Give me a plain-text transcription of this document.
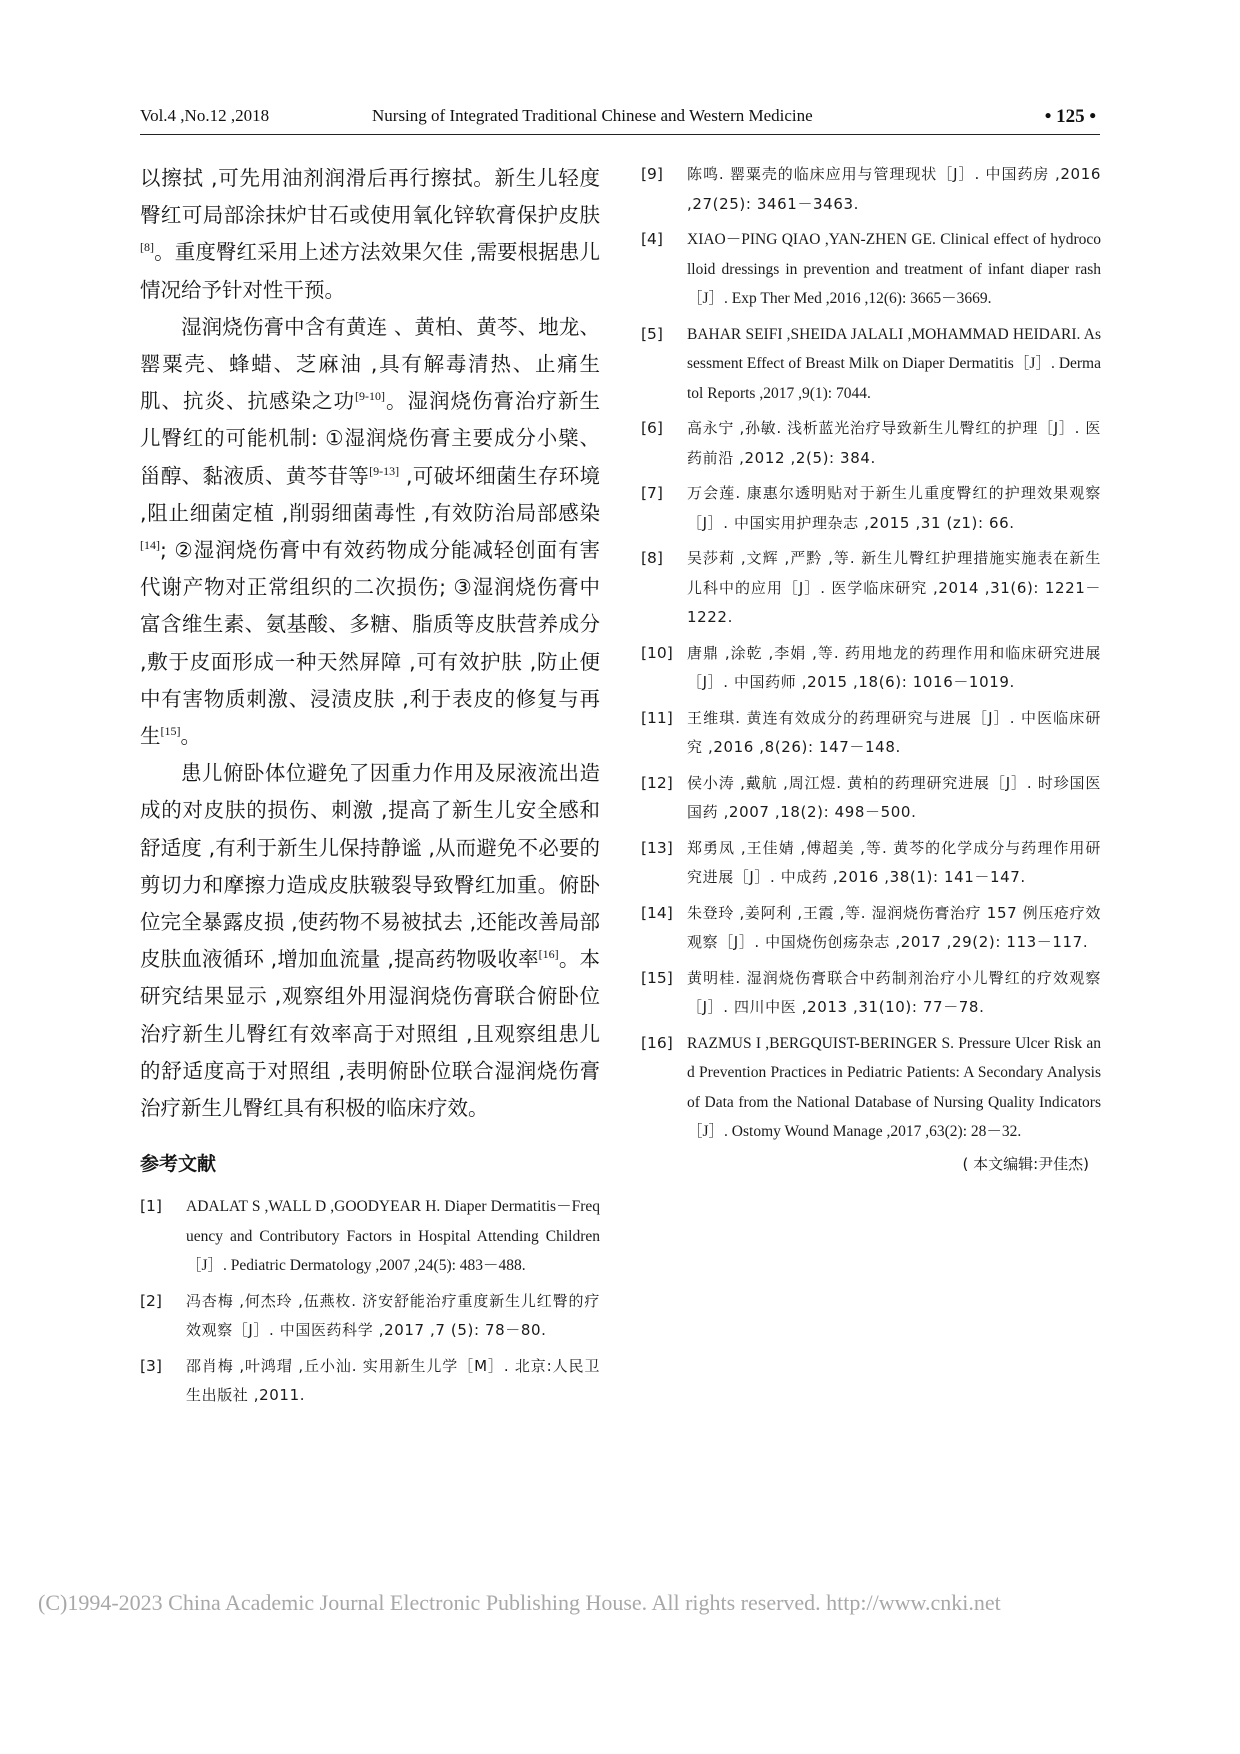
Vol.4 ,No.12 ,2018	Nursing of Integrated Traditional Chinese and Western Medicine	• 125 •

以擦拭 ,可先用油剂润滑后再行擦拭。新生儿轻度臀红可局部涂抹炉甘石或使用氧化锌软膏保护皮肤[8]。重度臀红采用上述方法效果欠佳 ,需要根据患儿情况给予针对性干预。

湿润烧伤膏中含有黄连 、黄柏、黄芩、地龙、罂粟壳、蜂蜡、芝麻油 ,具有解毒清热、止痛生肌、抗炎、抗感染之功[9-10]。湿润烧伤膏治疗新生儿臀红的可能机制: ①湿润烧伤膏主要成分小檗、甾醇、黏液质、黄芩苷等[9-13] ,可破坏细菌生存环境 ,阻止细菌定植 ,削弱细菌毒性 ,有效防治局部感染[14]; ②湿润烧伤膏中有效药物成分能减轻创面有害代谢产物对正常组织的二次损伤; ③湿润烧伤膏中富含维生素、氨基酸、多糖、脂质等皮肤营养成分 ,敷于皮面形成一种天然屏障 ,可有效护肤 ,防止便中有害物质刺激、浸渍皮肤 ,利于表皮的修复与再生[15]。

患儿俯卧体位避免了因重力作用及尿液流出造成的对皮肤的损伤、刺激 ,提高了新生儿安全感和舒适度 ,有利于新生儿保持静谧 ,从而避免不必要的剪切力和摩擦力造成皮肤皲裂导致臀红加重。俯卧位完全暴露皮损 ,使药物不易被拭去 ,还能改善局部皮肤血液循环 ,增加血流量 ,提高药物吸收率[16]。本研究结果显示 ,观察组外用湿润烧伤膏联合俯卧位治疗新生儿臀红有效率高于对照组 ,且观察组患儿的舒适度高于对照组 ,表明俯卧位联合湿润烧伤膏治疗新生儿臀红具有积极的临床疗效。

参考文献
[1]	ADALAT S ,WALL D ,GOODYEAR H. Diaper Dermatitis－Frequency and Contributory Factors in Hospital Attending Children［J］. Pediatric Dermatology ,2007 ,24(5): 483－488.
[2]	冯杏梅 ,何杰玲 ,伍燕枚. 济安舒能治疗重度新生儿红臀的疗效观察［J］. 中国医药科学 ,2017 ,7 (5): 78－80.
[3]	邵肖梅 ,叶鸿瑁 ,丘小汕. 实用新生儿学［M］. 北京:人民卫生出版社 ,2011.
[9]	陈鸣. 罂粟壳的临床应用与管理现状［J］. 中国药房 ,2016 ,27(25): 3461－3463.
[4]	XIAO－PING QIAO ,YAN-ZHEN GE. Clinical effect of hydrocolloid dressings in prevention and treatment of infant diaper rash［J］. Exp Ther Med ,2016 ,12(6): 3665－3669.
[5]	BAHAR SEIFI ,SHEIDA JALALI ,MOHAMMAD HEIDARI. Assessment Effect of Breast Milk on Diaper Dermatitis［J］. Dermatol Reports ,2017 ,9(1): 7044.
[6]	高永宁 ,孙敏. 浅析蓝光治疗导致新生儿臀红的护理［J］. 医药前沿 ,2012 ,2(5): 384.
[7]	万会莲. 康惠尔透明贴对于新生儿重度臀红的护理效果观察［J］. 中国实用护理杂志 ,2015 ,31 (z1): 66.
[8]	吴莎莉 ,文辉 ,严黔 ,等. 新生儿臀红护理措施实施表在新生儿科中的应用［J］. 医学临床研究 ,2014 ,31(6): 1221－1222.
[10] 唐鼎 ,涂乾 ,李娟 ,等. 药用地龙的药理作用和临床研究进展［J］. 中国药师 ,2015 ,18(6): 1016－1019.
[11] 王维琪. 黄连有效成分的药理研究与进展［J］. 中医临床研究 ,2016 ,8(26): 147－148.
[12] 侯小涛 ,戴航 ,周江煜. 黄柏的药理研究进展［J］. 时珍国医国药 ,2007 ,18(2): 498－500.
[13] 郑勇凤 ,王佳婧 ,傅超美 ,等. 黄芩的化学成分与药理作用研究进展［J］. 中成药 ,2016 ,38(1): 141－147.
[14] 朱登玲 ,姜阿利 ,王霞 ,等. 湿润烧伤膏治疗 157 例压疮疗效观察［J］. 中国烧伤创疡杂志 ,2017 ,29(2): 113－117.
[15] 黄明桂. 湿润烧伤膏联合中药制剂治疗小儿臀红的疗效观察［J］. 四川中医 ,2013 ,31(10): 77－78.
[16] RAZMUS I ,BERGQUIST-BERINGER S. Pressure Ulcer Risk and Prevention Practices in Pediatric Patients: A Secondary Analysis of Data from the National Database of Nursing Quality Indicators［J］. Ostomy Wound Manage ,2017 ,63(2): 28－32.
( 本文编辑:尹佳杰)
(C)1994-2023 China Academic Journal Electronic Publishing House. All rights reserved. http://www.cnki.net
